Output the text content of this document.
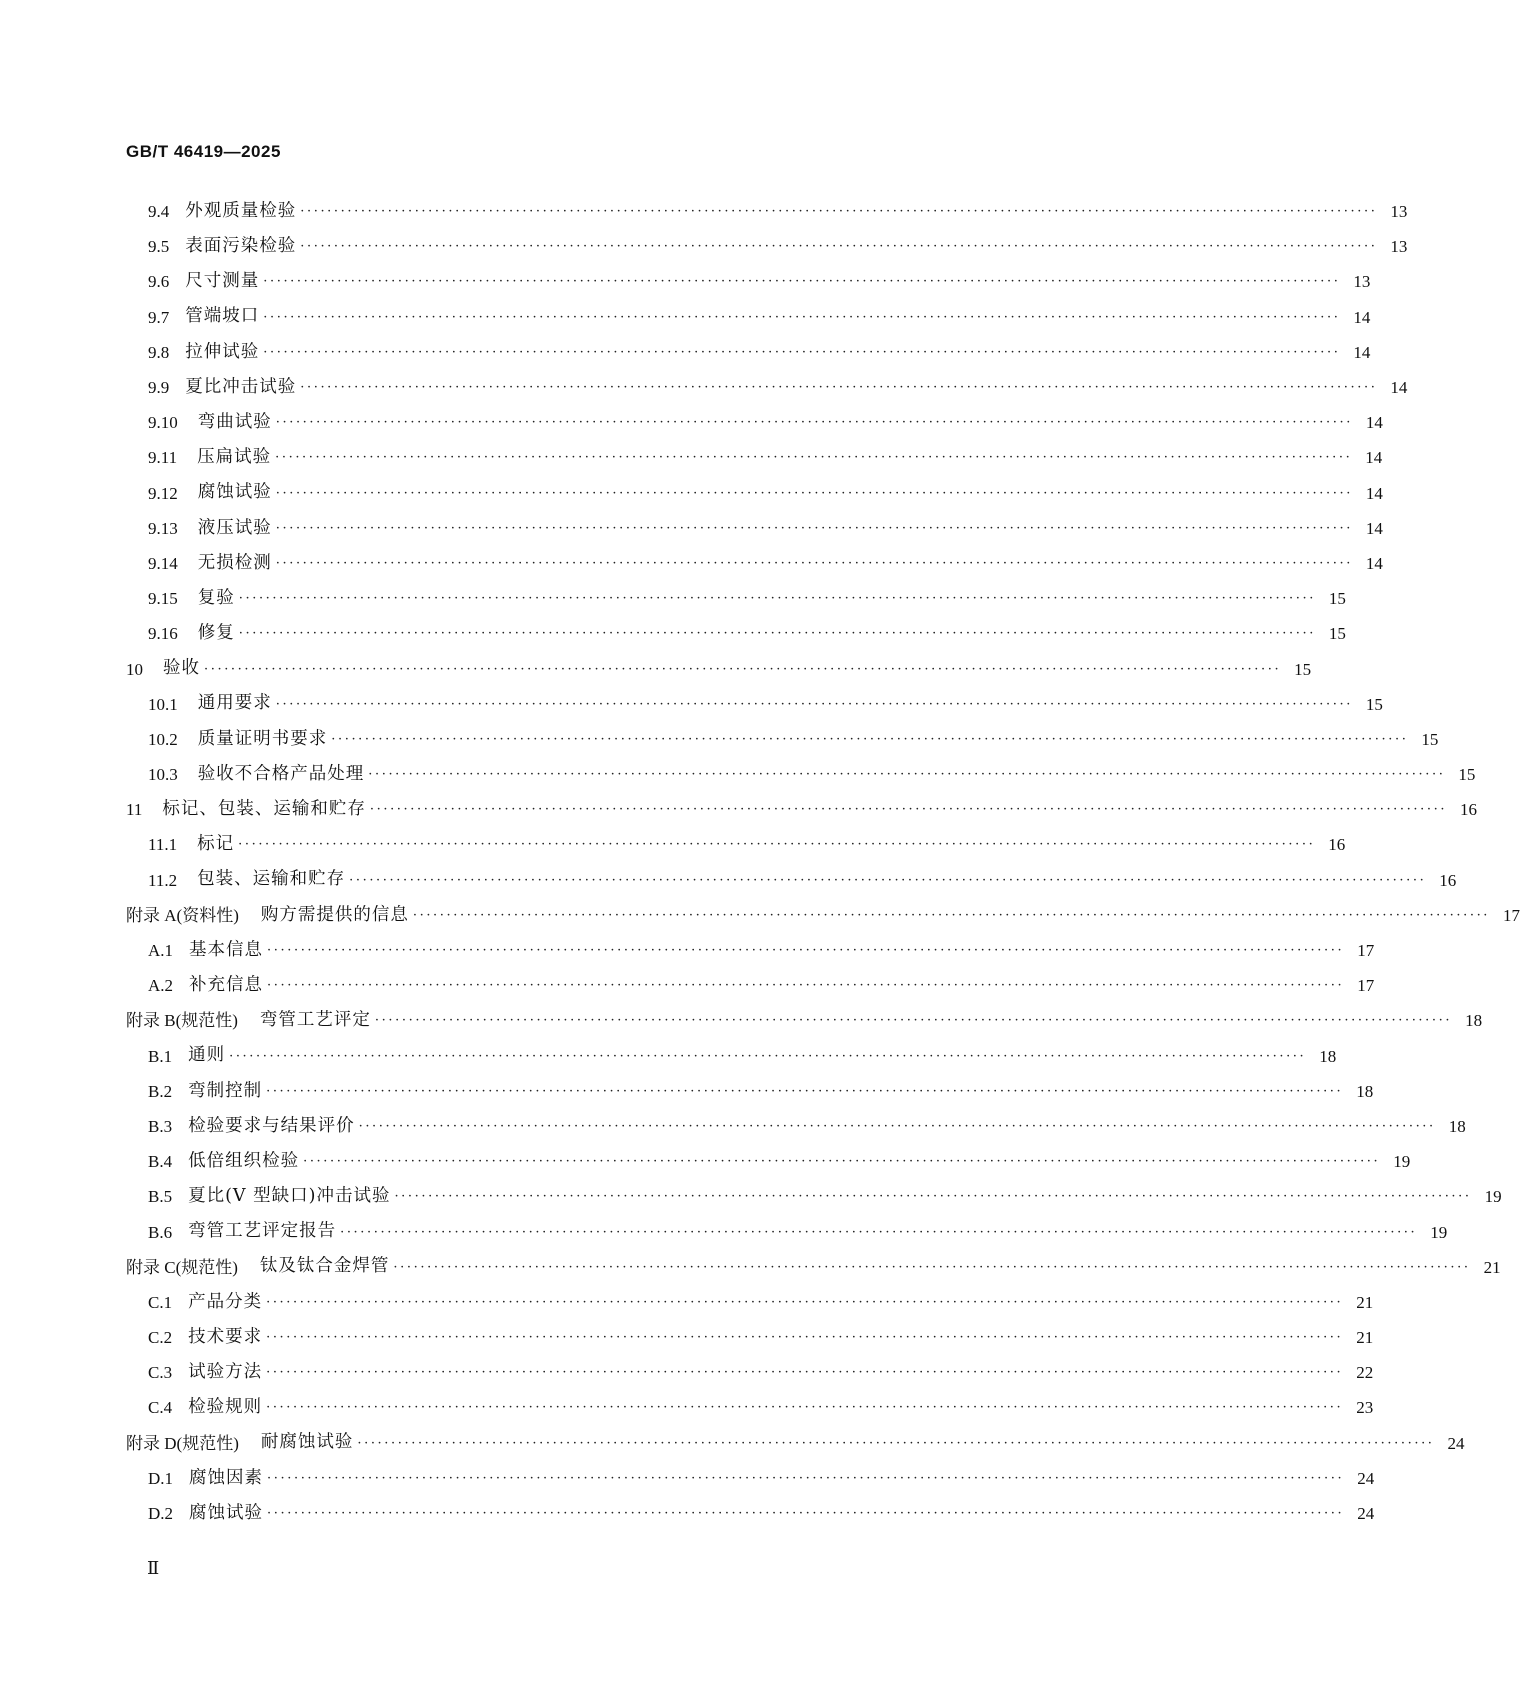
GB/T 46419—2025
9.4 外观质量检验 ································································································································································ 13
9.5 表面污染检验 ································································································································································ 13
9.6 尺寸测量 ································································································································································ 13
9.7 管端坡口 ································································································································································ 14
9.8 拉伸试验 ································································································································································ 14
9.9 夏比冲击试验 ································································································································································ 14
9.10 弯曲试验 ································································································································································ 14
9.11 压扁试验 ································································································································································ 14
9.12 腐蚀试验 ································································································································································ 14
9.13 液压试验 ································································································································································ 14
9.14 无损检测 ································································································································································ 14
9.15 复验 ································································································································································ 15
9.16 修复 ································································································································································ 15
10 验收 ································································································································································ 15
10.1 通用要求 ································································································································································ 15
10.2 质量证明书要求 ································································································································································ 15
10.3 验收不合格产品处理 ································································································································································ 15
11 标记、包装、运输和贮存 ································································································································································ 16
11.1 标记 ································································································································································ 16
11.2 包装、运输和贮存 ································································································································································ 16
附录 A(资料性) 购方需提供的信息 ································································································································································ 17
A.1 基本信息 ································································································································································ 17
A.2 补充信息 ································································································································································ 17
附录 B(规范性) 弯管工艺评定 ································································································································································ 18
B.1 通则 ································································································································································ 18
B.2 弯制控制 ································································································································································ 18
B.3 检验要求与结果评价 ································································································································································ 18
B.4 低倍组织检验 ································································································································································ 19
B.5 夏比(V 型缺口)冲击试验 ································································································································································ 19
B.6 弯管工艺评定报告 ································································································································································ 19
附录 C(规范性) 钛及钛合金焊管 ································································································································································ 21
C.1 产品分类 ································································································································································ 21
C.2 技术要求 ································································································································································ 21
C.3 试验方法 ································································································································································ 22
C.4 检验规则 ································································································································································ 23
附录 D(规范性) 耐腐蚀试验 ································································································································································ 24
D.1 腐蚀因素 ································································································································································ 24
D.2 腐蚀试验 ································································································································································ 24
Ⅱ
